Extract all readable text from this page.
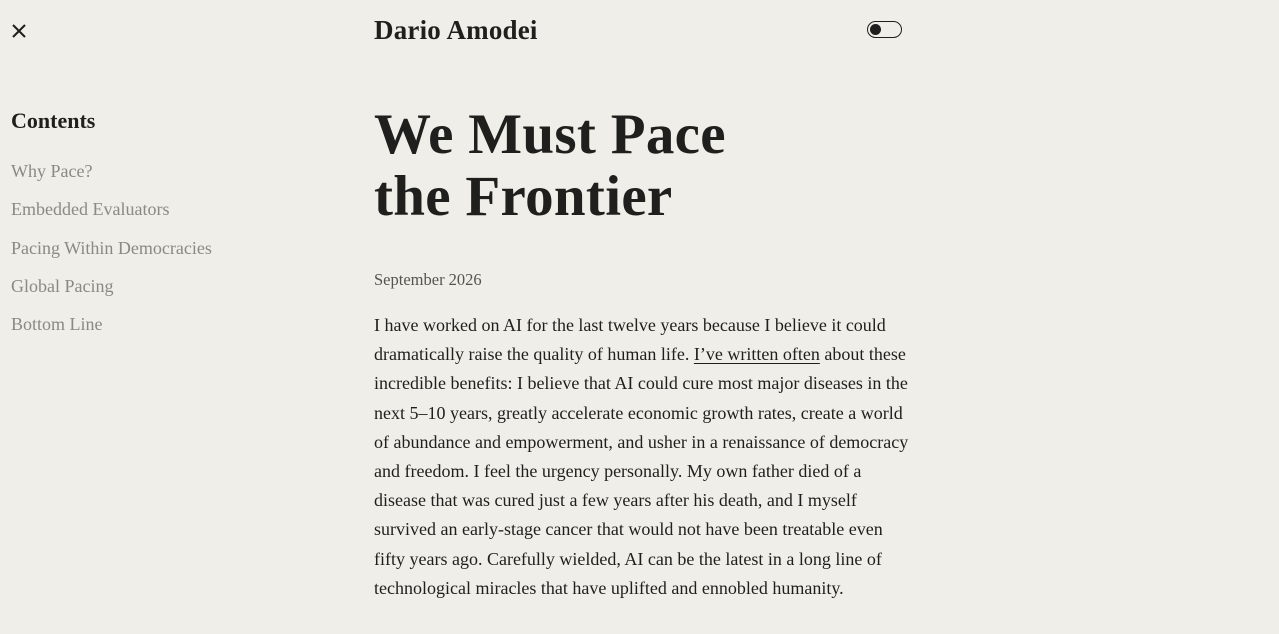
Dario Amodei
Contents
Why Pace?
Embedded Evaluators
Pacing Within Democracies
Global Pacing
Bottom Line
We Must Pace
the Frontier
September 2026

I have worked on AI for the last twelve years because I believe it could dramatically raise the quality of human life. I’ve written often about these incredible benefits: I believe that AI could cure most major diseases in the next 5–10 years, greatly accelerate economic growth rates, create a world of abundance and empowerment, and usher in a renaissance of democracy and freedom. I feel the urgency personally. My own father died of a disease that was cured just a few years after his death, and I myself survived an early-stage cancer that would not have been treatable even fifty years ago. Carefully wielded, AI can be the latest in a long line of technological miracles that have uplifted and ennobled humanity.
